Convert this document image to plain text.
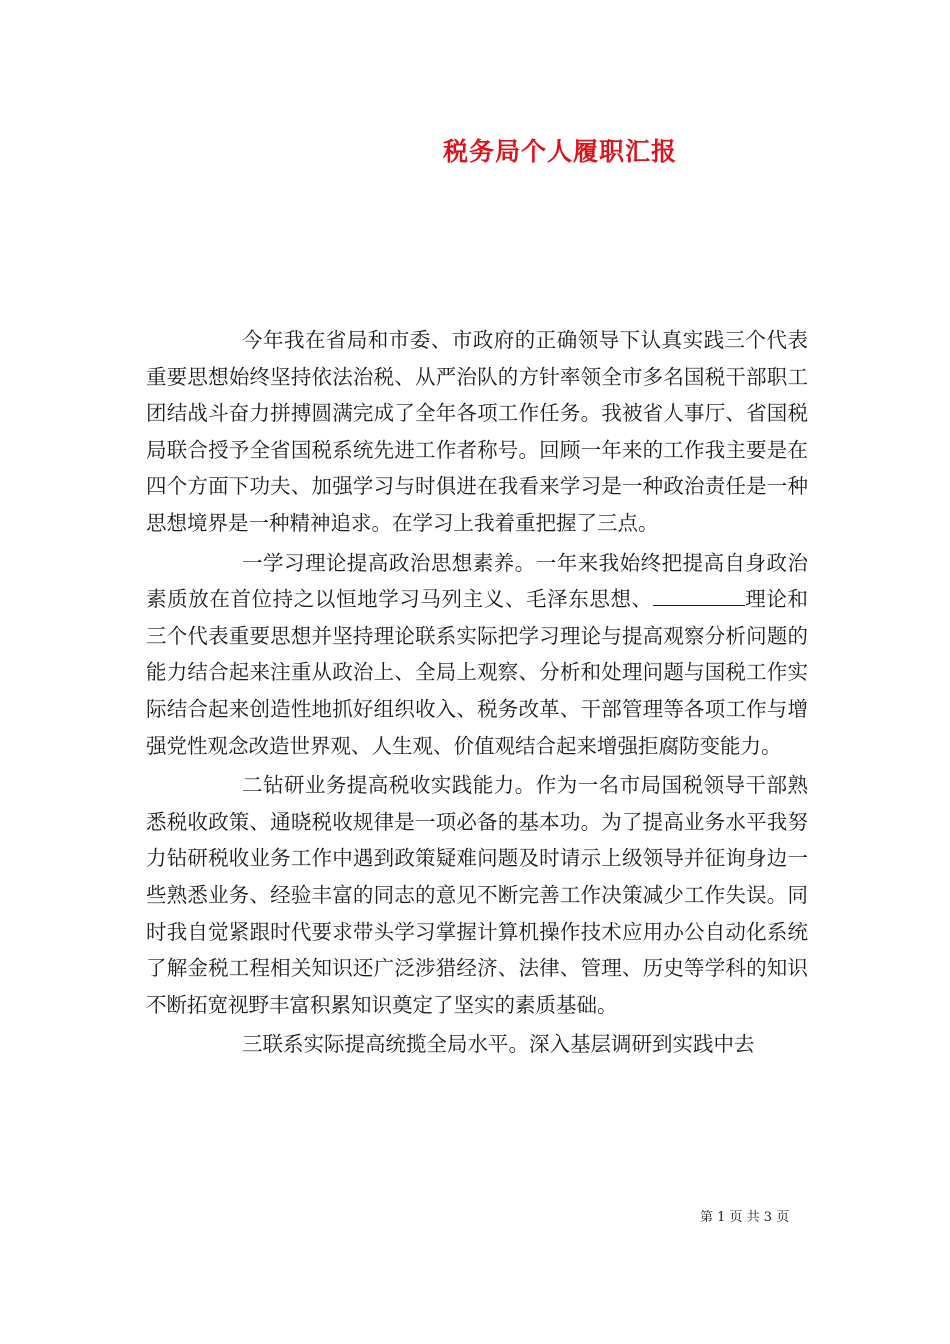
税务局个人履职汇报

今年我在省局和市委、市政府的正确领导下认真实践三个代表重要思想始终坚持依法治税、从严治队的方针率领全市多名国税干部职工团结战斗奋力拼搏圆满完成了全年各项工作任务。我被省人事厅、省国税局联合授予全省国税系统先进工作者称号。回顾一年来的工作我主要是在四个方面下功夫、加强学习与时俱进在我看来学习是一种政治责任是一种思想境界是一种精神追求。在学习上我着重把握了三点。

一学习理论提高政治思想素养。一年来我始终把提高自身政治素质放在首位持之以恒地学习马列主义、毛泽东思想、	理论和三个代表重要思想并坚持理论联系实际把学习理论与提高观察分析问题的能力结合起来注重从政治上、全局上观察、分析和处理问题与国税工作实际结合起来创造性地抓好组织收入、税务改革、干部管理等各项工作与增强党性观念改造世界观、人生观、价值观结合起来增强拒腐防变能力。

二钻研业务提高税收实践能力。作为一名市局国税领导干部熟悉税收政策、通晓税收规律是一项必备的基本功。为了提高业务水平我努力钻研税收业务工作中遇到政策疑难问题及时请示上级领导并征询身边一些熟悉业务、经验丰富的同志的意见不断完善工作决策减少工作失误。同时我自觉紧跟时代要求带头学习掌握计算机操作技术应用办公自动化系统了解金税工程相关知识还广泛涉猎经济、法律、管理、历史等学科的知识不断拓宽视野丰富积累知识奠定了坚实的素质基础。

三联系实际提高统揽全局水平。深入基层调研到实践中去

第 1 页 共 3 页
